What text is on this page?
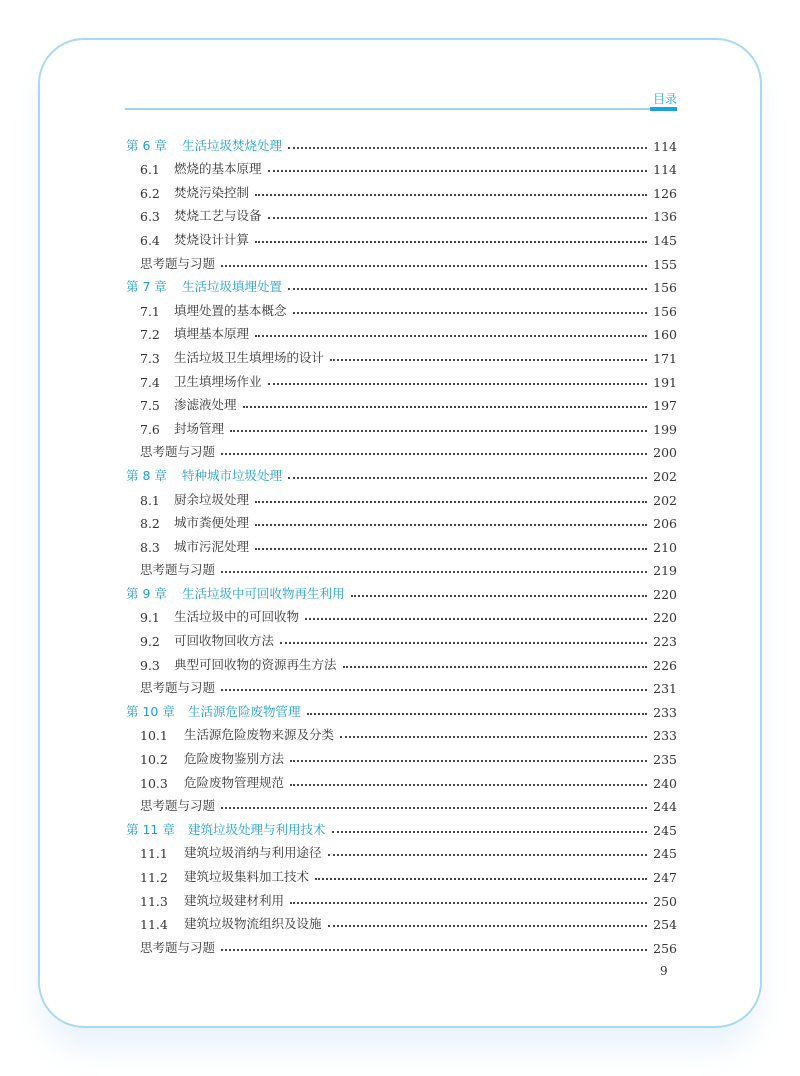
目录
第 6 章	生活垃圾焚烧处理	114
6.1	燃烧的基本原理	114
6.2	焚烧污染控制	126
6.3	焚烧工艺与设备	136
6.4	焚烧设计计算	145
思考题与习题	155
第 7 章	生活垃圾填埋处置	156
7.1	填埋处置的基本概念	156
7.2	填埋基本原理	160
7.3	生活垃圾卫生填埋场的设计	171
7.4	卫生填埋场作业	191
7.5	渗滤液处理	197
7.6	封场管理	199
思考题与习题	200
第 8 章	特种城市垃圾处理	202
8.1	厨余垃圾处理	202
8.2	城市粪便处理	206
8.3	城市污泥处理	210
思考题与习题	219
第 9 章	生活垃圾中可回收物再生利用	220
9.1	生活垃圾中的可回收物	220
9.2	可回收物回收方法	223
9.3	典型可回收物的资源再生方法	226
思考题与习题	231
第 10 章	生活源危险废物管理	233
10.1	生活源危险废物来源及分类	233
10.2	危险废物鉴别方法	235
10.3	危险废物管理规范	240
思考题与习题	244
第 11 章	建筑垃圾处理与利用技术	245
11.1	建筑垃圾消纳与利用途径	245
11.2	建筑垃圾集料加工技术	247
11.3	建筑垃圾建材利用	250
11.4	建筑垃圾物流组织及设施	254
思考题与习题	256
9
